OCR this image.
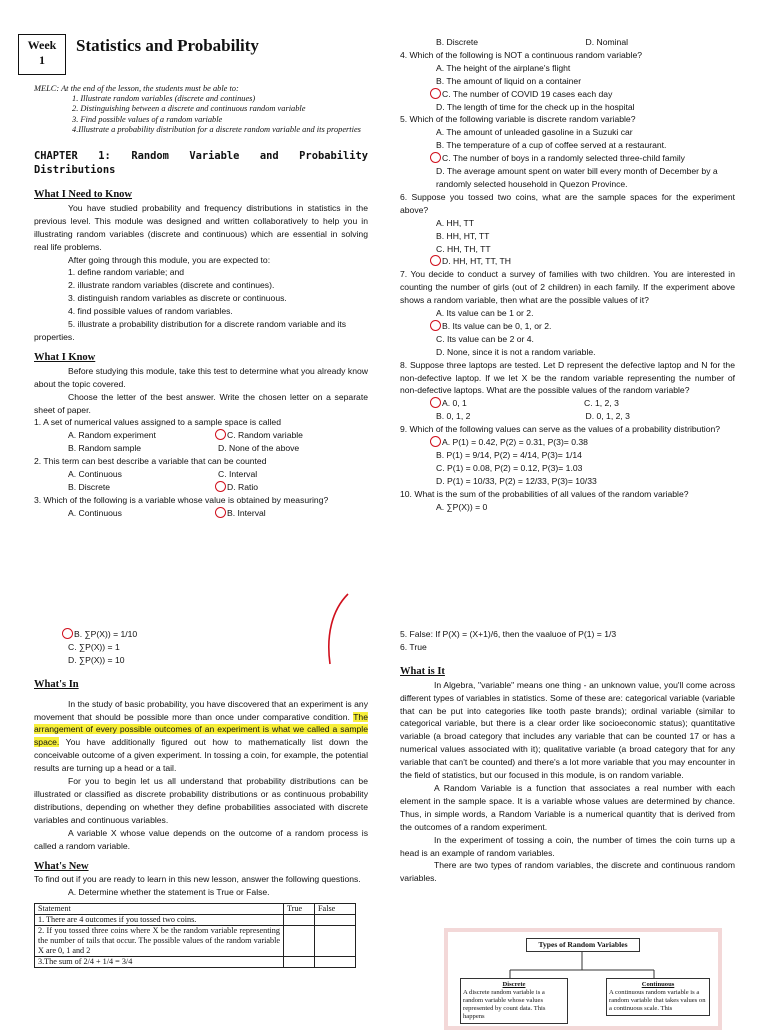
Week
1
Statistics and Probability
MELC: At the end of the lesson, the students must be able to:
1. Illustrate random variables (discrete and continues)
2. Distinguishing between a discrete and continuous random variable
3. Find possible values of a random variable
4.Illustrate a probability distribution for a discrete random variable and its properties
CHAPTER 1: Random Variable and Probability Distributions
What I Need to Know
You have studied probability and frequency distributions in statistics in the previous level. This module was designed and written collaboratively to help you in illustrating random variables (discrete and continuous) which are essential in solving real life problems.
After going through this module, you are expected to:
1. define random variable; and
2. illustrate random variables (discrete and continues).
3. distinguish random variables as discrete or continuous.
4. find possible values of random variables.
5. illustrate a probability distribution for a discrete random variable and its properties.
What I Know
Before studying this module, take this test to determine what you already know about the topic covered.
Choose the letter of the best answer. Write the chosen letter on a separate sheet of paper.
1. A set of numerical values assigned to a sample space is called
A. Random experiment	C. Random variable
B. Random sample	D. None of the above
2. This term can best describe a variable that can be counted
A. Continuous	C. Interval
B. Discrete	D. Ratio
3. Which of the following is a variable whose value is obtained by measuring?
A. Continuous	B. Interval
B. Discrete	D. Nominal
4. Which of the following is NOT a continuous random variable?
A. The height of the airplane's flight
B. The amount of liquid on a container
C. The number of COVID 19 cases each day
D. The length of time for the check up in the hospital
5. Which of the following variable is discrete random variable?
A. The amount of unleaded gasoline in a Suzuki car
B. The temperature of a cup of coffee served at a restaurant.
C. The number of boys in a randomly selected three-child family
D. The average amount spent on water bill every month of December by a randomly selected household in Quezon Province.
6. Suppose you tossed two coins, what are the sample spaces for the experiment above?
A. HH, TT
B. HH, HT, TT
C. HH, TH, TT
D. HH, HT, TT, TH
7. You decide to conduct a survey of families with two children. You are interested in counting the number of girls (out of 2 children) in each family. If the experiment above shows a random variable, then what are the possible values of it?
A. Its value can be 1 or 2.
B. Its value can be 0, 1, or 2.
C. Its value can be 2 or 4.
D. None, since it is not a random variable.
8. Suppose three laptops are tested. Let D represent the defective laptop and N for the non-defective laptop. If we let X be the random variable representing the number of non-defective laptops. What are the possible values of the random variable?
A. 0, 1	C. 1, 2, 3
B. 0, 1, 2	D. 0, 1, 2, 3
9. Which of the following values can serve as the values of a probability distribution?
A. P(1) = 0.42, P(2) = 0.31, P(3)= 0.38
B. P(1) = 9/14, P(2) = 4/14, P(3)= 1/14
C. P(1) = 0.08, P(2) = 0.12, P(3)= 1.03
D. P(1) = 10/33, P(2) = 12/33, P(3)= 10/33
10. What is the sum of the probabilities of all values of the random variable?
A. ∑P(X)) = 0
B. ∑P(X)) = 1/10
C. ∑P(X)) = 1
D. ∑P(X)) = 10
What's In
In the study of basic probability, you have discovered that an experiment is any movement that should be possible more than once under comparative condition. The arrangement of every possible outcomes of an experiment is what we called a sample space. You have additionally figured out how to mathematically list down the conceivable outcome of a given experiment. In tossing a coin, for example, the potential results are turning up a head or a tail.
For you to begin let us all understand that probability distributions can be illustrated or classified as discrete probability distributions or as continuous probability distributions, depending on whether they define probabilities associated with discrete variables and continuous variables.
A variable X whose value depends on the outcome of a random process is called a random variable.
What's New
To find out if you are ready to learn in this new lesson, answer the following questions.
A. Determine whether the statement is True or False.
Statement	True	False
1. There are 4 outcomes if you tossed two coins.		
2. If you tossed three coins where X be the random variable representing the number of tails that occur. The possible values of the random variable X are 0, 1 and 2		
3.The sum of 2/4 + 1/4 = 3/4		
5. False: If P(X) = (X+1)/6, then the vaaluoe of P(1) = 1/3
6. True
What is It
In Algebra, "variable" means one thing - an unknown value, you'll come across different types of variables in statistics. Some of these are: categorical variable (variable that can be put into categories like tooth paste brands); ordinal variable (similar to categorical variable, but there is a clear order like socioeconomic status); quantitative variable (a broad category that includes any variable that can be counted 17 or has a numerical values associated with it); qualitative variable (a broad category that for any variable that can't be counted) and there's a lot more variable that you may encounter in the field of statistics, but our focused in this module, is on random variable.
A Random Variable is a function that associates a real number with each element in the sample space. It is a variable whose values are determined by chance. Thus, in simple words, a Random Variable is a numerical quantity that is derived from the outcomes of a random experiment.
In the experiment of tossing a coin, the number of times the coin turns up a head is an example of random variables.
There are two types of random variables, the discrete and continuous random variables.
Types of Random Variables
Discrete
A discrete random variable is a random variable whose values represented by count data. This happens
Continuous
A continuous random variable is a random variable that takes values on a continuous scale. This
